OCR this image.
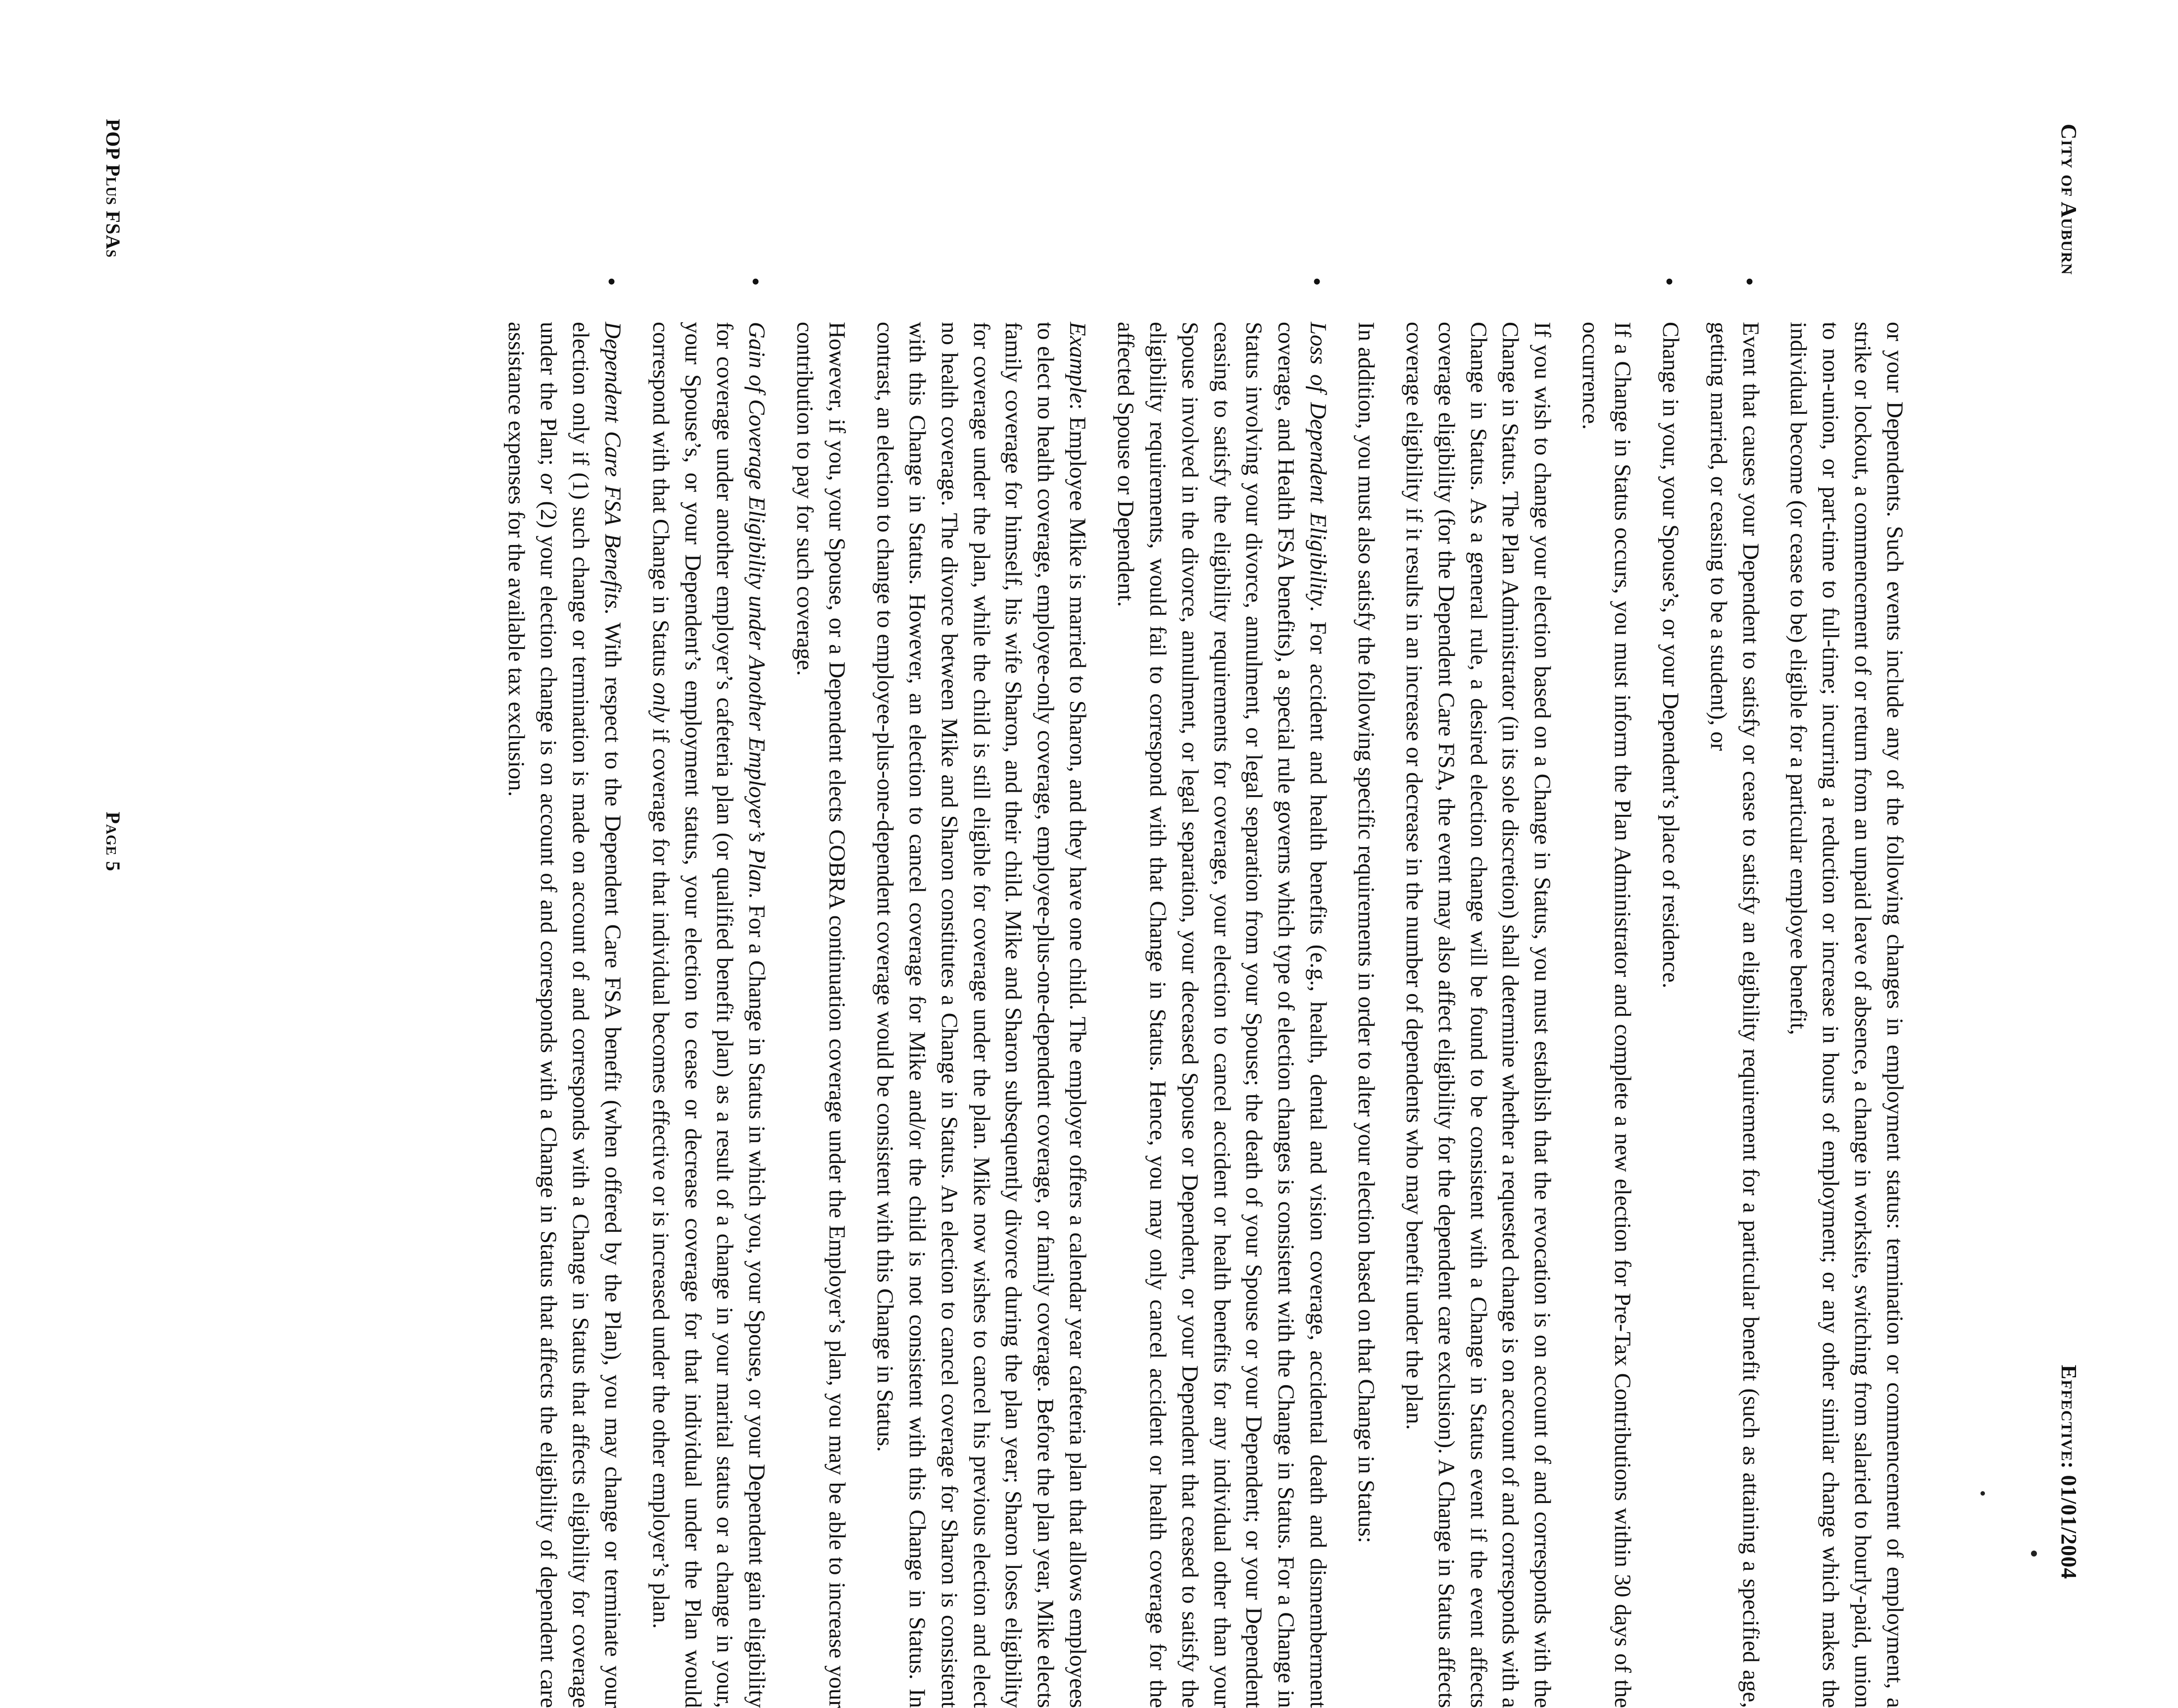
City of Auburn
Effective: 01/01/2004

or your Dependents. Such events include any of the following changes in employment status: termination or commencement of employment, a strike or lockout, a commencement of or return from an unpaid leave of absence, a change in worksite, switching from salaried to hourly-paid, union to non-union, or part-time to full-time; incurring a reduction or increase in hours of employment; or any other similar change which makes the individual become (or cease to be) eligible for a particular employee benefit,

•
Event that causes your Dependent to satisfy or cease to satisfy an eligibility requirement for a particular benefit (such as attaining a specified age, getting married, or ceasing to be a student), or

•
Change in your, your Spouse’s, or your Dependent’s place of residence.

If a Change in Status occurs, you must inform the Plan Administrator and complete a new election for Pre-Tax Contributions within 30 days of the occurrence.

If you wish to change your election based on a Change in Status, you must establish that the revocation is on account of and corresponds with the Change in Status. The Plan Administrator (in its sole discretion) shall determine whether a requested change is on account of and corresponds with a Change in Status. As a general rule, a desired election change will be found to be consistent with a Change in Status event if the event affects coverage eligibility (for the Dependent Care FSA, the event may also affect eligibility for the dependent care exclusion). A Change in Status affects coverage eligibility if it results in an increase or decrease in the number of dependents who may benefit under the plan.

In addition, you must also satisfy the following specific requirements in order to alter your election based on that Change in Status:

•
Loss of Dependent Eligibility. For accident and health benefits (e.g., health, dental and vision coverage, accidental death and dismemberment coverage, and Health FSA benefits), a special rule governs which type of election changes is consistent with the Change in Status. For a Change in Status involving your divorce, annulment, or legal separation from your Spouse; the death of your Spouse or your Dependent; or your Dependent ceasing to satisfy the eligibility requirements for coverage, your election to cancel accident or health benefits for any individual other than your Spouse involved in the divorce, annulment, or legal separation, your deceased Spouse or Dependent, or your Dependent that ceased to satisfy the eligibility requirements, would fail to correspond with that Change in Status. Hence, you may only cancel accident or health coverage for the affected Spouse or Dependent.

Example: Employee Mike is married to Sharon, and they have one child. The employer offers a calendar year cafeteria plan that allows employees to elect no health coverage, employee-only coverage, employee-plus-one-dependent coverage, or family coverage. Before the plan year, Mike elects family coverage for himself, his wife Sharon, and their child. Mike and Sharon subsequently divorce during the plan year; Sharon loses eligibility for coverage under the plan, while the child is still eligible for coverage under the plan. Mike now wishes to cancel his previous election and elect no health coverage. The divorce between Mike and Sharon constitutes a Change in Status. An election to cancel coverage for Sharon is consistent with this Change in Status. However, an election to cancel coverage for Mike and/or the child is not consistent with this Change in Status. In contrast, an election to change to employee-plus-one-dependent coverage would be consistent with this Change in Status.

However, if you, your Spouse, or a Dependent elects COBRA continuation coverage under the Employer’s plan, you may be able to increase your contribution to pay for such coverage.

•
Gain of Coverage Eligibility under Another Employer’s Plan. For a Change in Status in which you, your Spouse, or your Dependent gain eligibility for coverage under another employer’s cafeteria plan (or qualified benefit plan) as a result of a change in your marital status or a change in your, your Spouse’s, or your Dependent’s employment status, your election to cease or decrease coverage for that individual under the Plan would correspond with that Change in Status only if coverage for that individual becomes effective or is increased under the other employer’s plan.

•
Dependent Care FSA Benefits. With respect to the Dependent Care FSA benefit (when offered by the Plan), you may change or terminate your election only if (1) such change or termination is made on account of and corresponds with a Change in Status that affects eligibility for coverage under the Plan; or (2) your election change is on account of and corresponds with a Change in Status that affects the eligibility of dependent care assistance expenses for the available tax exclusion.

POP Plus FSAs
Page 5
